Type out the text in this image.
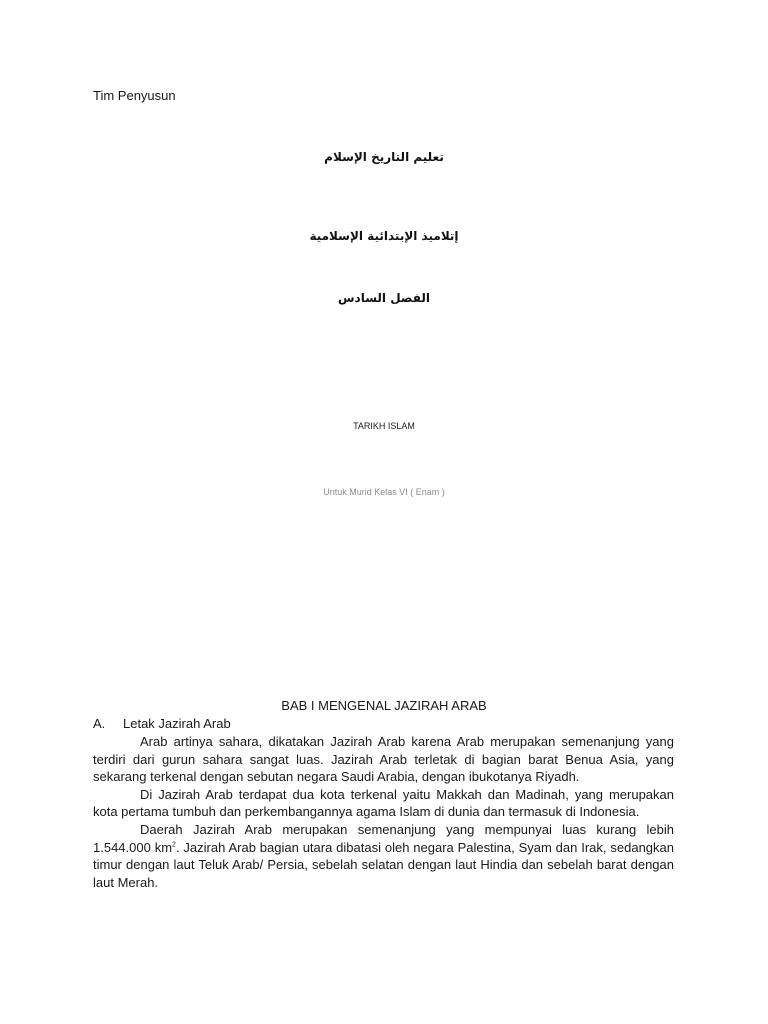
Tim Penyusun
تعليم التاريخ الإسلام
إتلاميذ الإبتدائية الإسلامية
الفصل السادس
TARIKH ISLAM
Untuk Murid Kelas VI ( Enam )
BAB I MENGENAL JAZIRAH ARAB
A. Letak Jazirah Arab

Arab artinya sahara, dikatakan Jazirah Arab karena Arab merupakan semenanjung yang terdiri dari gurun sahara sangat luas. Jazirah Arab terletak di bagian barat Benua Asia, yang sekarang terkenal dengan sebutan negara Saudi Arabia, dengan ibukotanya Riyadh.

Di Jazirah Arab terdapat dua kota terkenal yaitu Makkah dan Madinah, yang merupakan kota pertama tumbuh dan perkembangannya agama Islam di dunia dan termasuk di Indonesia.

Daerah Jazirah Arab merupakan semenanjung yang mempunyai luas kurang lebih 1.544.000 $km^2$. Jazirah Arab bagian utara dibatasi oleh negara Palestina, Syam dan Irak, sedangkan timur dengan laut Teluk Arab/ Persia, sebelah selatan dengan laut Hindia dan sebelah barat dengan laut Merah.
